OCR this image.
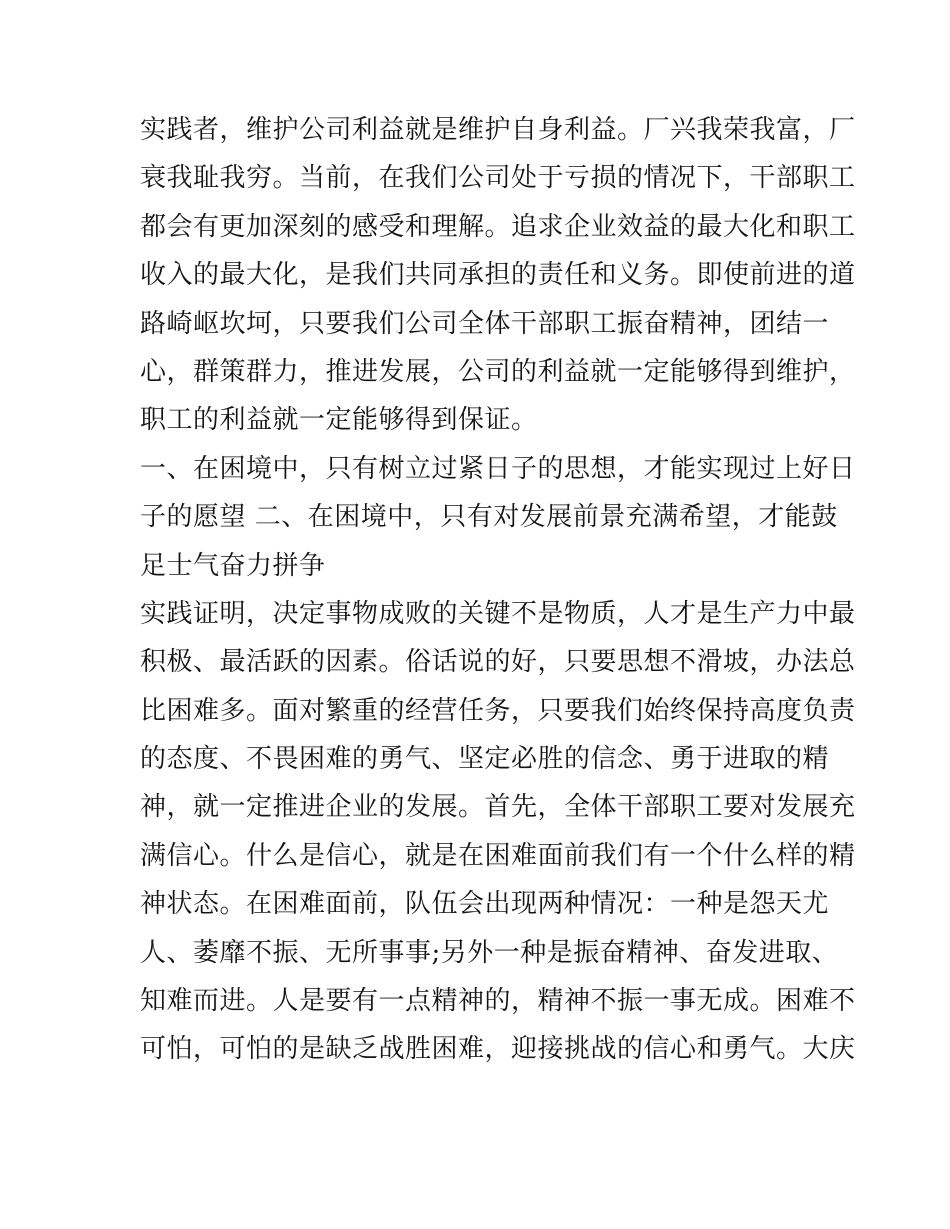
实践者，维护公司利益就是维护自身利益。厂兴我荣我富，厂
衰我耻我穷。当前，在我们公司处于亏损的情况下，干部职工
都会有更加深刻的感受和理解。追求企业效益的最大化和职工
收入的最大化，是我们共同承担的责任和义务。即使前进的道
路崎岖坎坷，只要我们公司全体干部职工振奋精神，团结一
心，群策群力，推进发展，公司的利益就一定能够得到维护，
职工的利益就一定能够得到保证。
一、在困境中，只有树立过紧日子的思想，才能实现过上好日
子的愿望 二、在困境中，只有对发展前景充满希望，才能鼓
足士气奋力拼争
实践证明，决定事物成败的关键不是物质，人才是生产力中最
积极、最活跃的因素。俗话说的好，只要思想不滑坡，办法总
比困难多。面对繁重的经营任务，只要我们始终保持高度负责
的态度、不畏困难的勇气、坚定必胜的信念、勇于进取的精
神，就一定推进企业的发展。首先，全体干部职工要对发展充
满信心。什么是信心，就是在困难面前我们有一个什么样的精
神状态。在困难面前，队伍会出现两种情况：一种是怨天尤
人、萎靡不振、无所事事;另外一种是振奋精神、奋发进取、
知难而进。人是要有一点精神的，精神不振一事无成。困难不
可怕，可怕的是缺乏战胜困难，迎接挑战的信心和勇气。大庆
